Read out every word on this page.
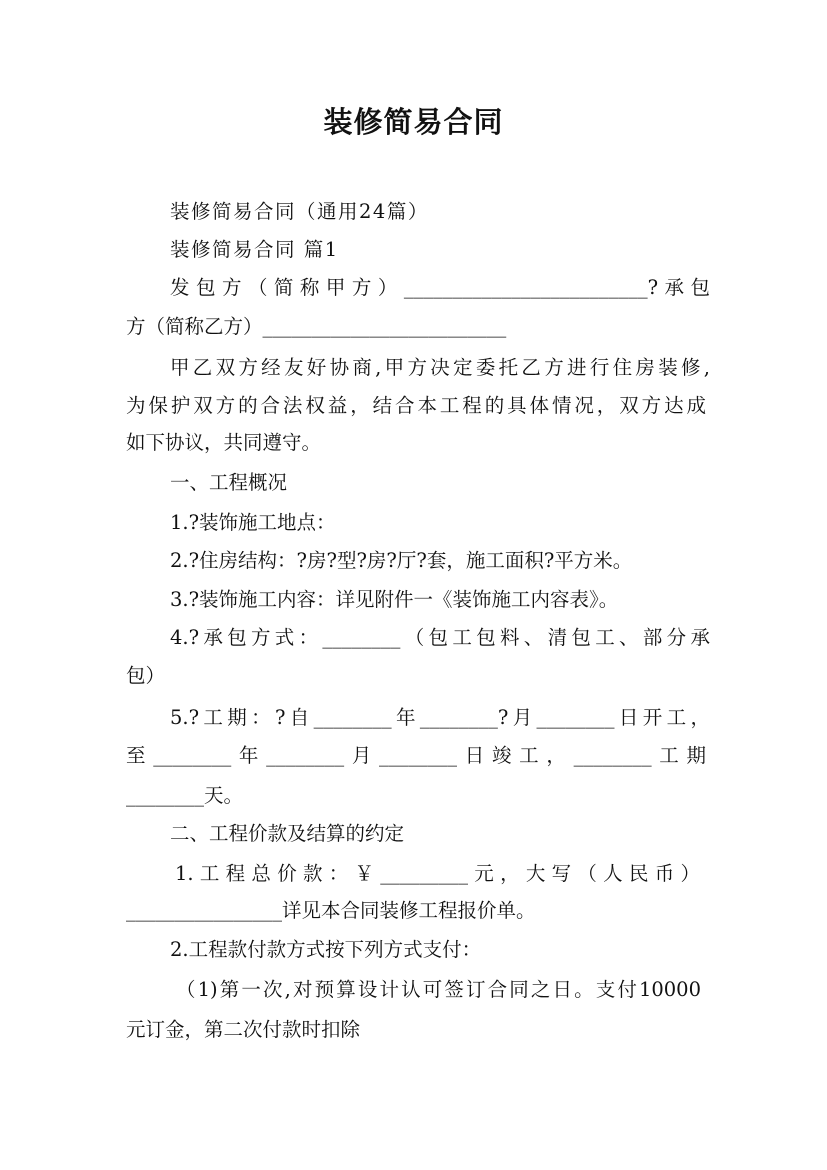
装修简易合同
装修简易合同（通用24篇）
装修简易合同 篇1
发包方（简称甲方）_________________________?承包
方（简称乙方）_________________________
甲乙双方经友好协商,甲方决定委托乙方进行住房装修,
为保护双方的合法权益，结合本工程的具体情况，双方达成
如下协议，共同遵守。
一、工程概况
1.?装饰施工地点：
2.?住房结构：?房?型?房?厅?套，施工面积?平方米。
3.?装饰施工内容：详见附件一《装饰施工内容表》。
4.?承包方式：________（包工包料、清包工、部分承
包）
5.?工期：?自________年________?月________日开工，
至________年________月________日竣工，________工期
________天。
二、工程价款及结算的约定
1.工程总价款：￥_________元，大写（人民币）
________________详见本合同装修工程报价单。
2.工程款付款方式按下列方式支付：
（1)第一次,对预算设计认可签订合同之日。支付10000
元订金，第二次付款时扣除
